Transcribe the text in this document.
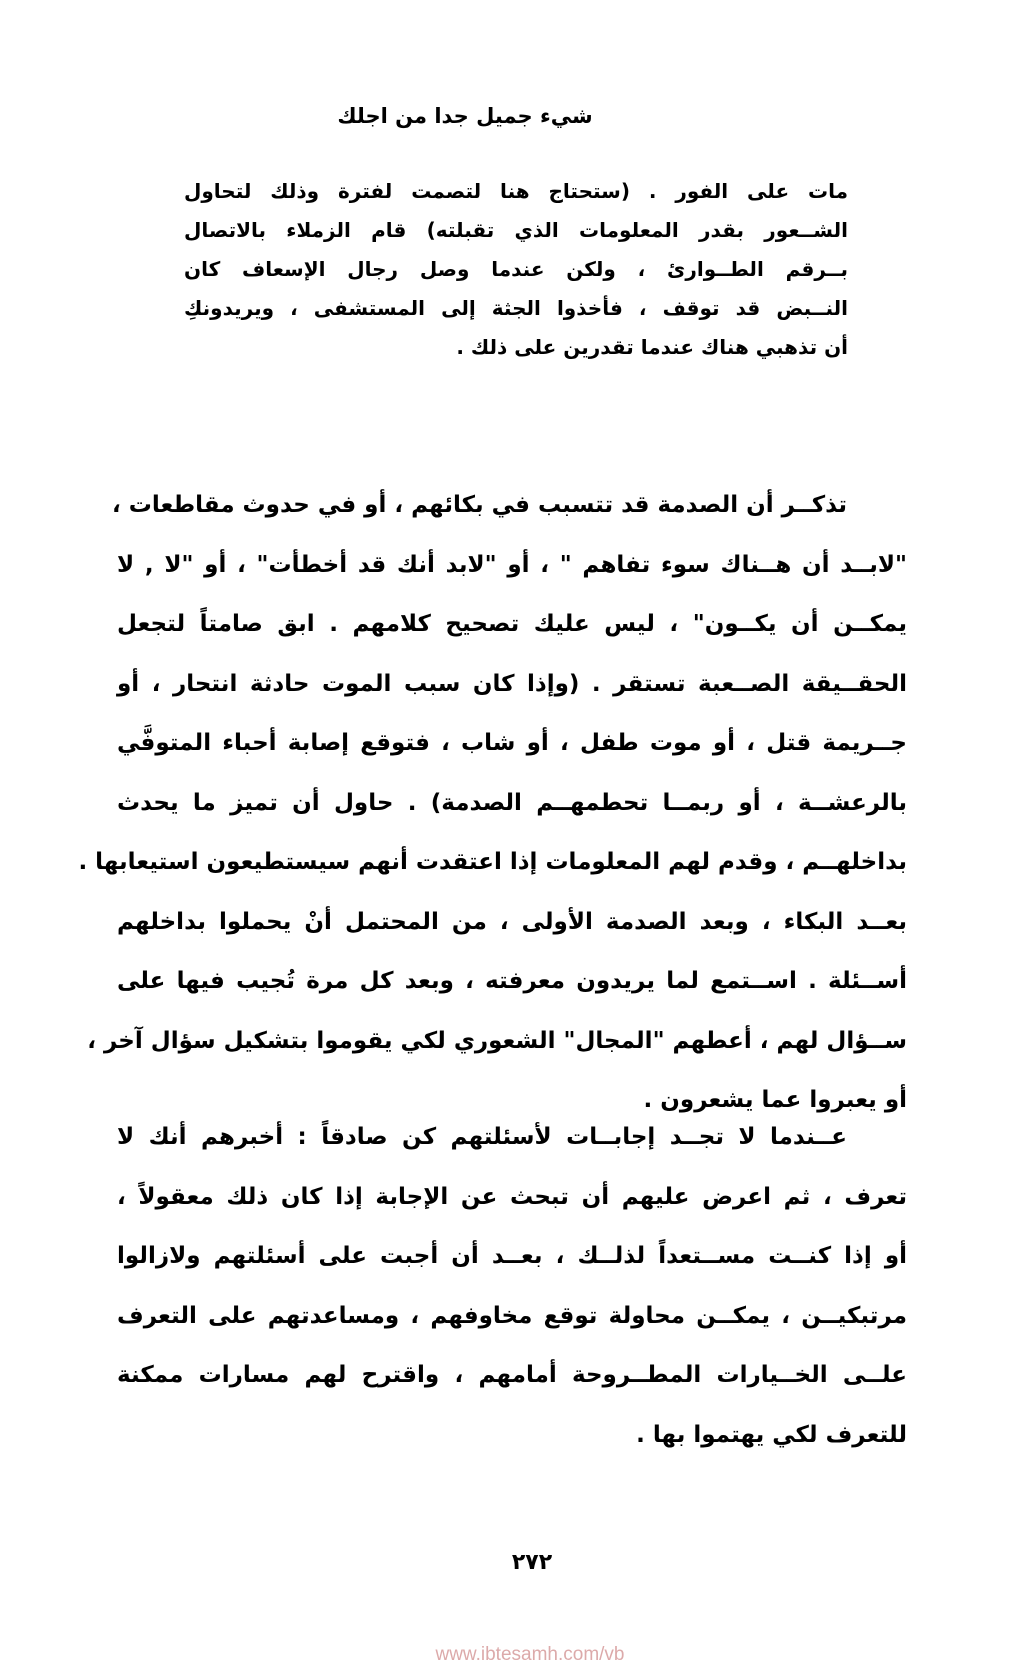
شيء جميل جدا من اجلك
مات على الفور . (ستحتاج هنا لتصمت لفترة وذلك لتحاول
الشــعور بقدر المعلومات الذي تقبلته) قام الزملاء بالاتصال
بــرقم الطــوارئ ، ولكن عندما وصل رجال الإسعاف كان
النــبض قد توقف ، فأخذوا الجثة إلى المستشفى ، ويريدونكِ
أن تذهبي هناك عندما تقدرين على ذلك .
تذكــر أن الصدمة قد تتسبب في بكائهم ، أو في حدوث مقاطعات ،
"لابــد أن هــناك سوء تفاهم " ، أو "لابد أنك قد أخطأت" ، أو "لا , لا
يمكــن أن يكــون" ، ليس عليك تصحيح كلامهم . ابق صامتاً لتجعل
الحقــيقة الصــعبة تستقر . (وإذا كان سبب الموت حادثة انتحار ، أو
جــريمة قتل ، أو موت طفل ، أو شاب ، فتوقع إصابة أحباء المتوفَّي
بالرعشــة ، أو ربمــا تحطمهــم الصدمة) . حاول أن تميز ما يحدث
بداخلهــم ، وقدم لهم المعلومات إذا اعتقدت أنهم سيستطيعون استيعابها .
بعــد البكاء ، وبعد الصدمة الأولى ، من المحتمل أنْ يحملوا بداخلهم
أســئلة . اســتمع لما يريدون معرفته ، وبعد كل مرة تُجيب فيها على
ســؤال لهم ، أعطهم "المجال" الشعوري لكي يقوموا بتشكيل سؤال آخر ،
أو يعبروا عما يشعرون .
عــندما لا تجــد إجابــات لأسئلتهم كن صادقاً : أخبرهم أنك لا
تعرف ، ثم اعرض عليهم أن تبحث عن الإجابة إذا كان ذلك معقولاً ،
أو إذا كنــت مســتعداً لذلــك ، بعــد أن أجبت على أسئلتهم ولازالوا
مرتبكيــن ، يمكــن محاولة توقع مخاوفهم ، ومساعدتهم على التعرف
علــى الخــيارات المطــروحة أمامهم ، واقترح لهم مسارات ممكنة
للتعرف لكي يهتموا بها .
٢٧٢
www.ibtesamh.com/vb
